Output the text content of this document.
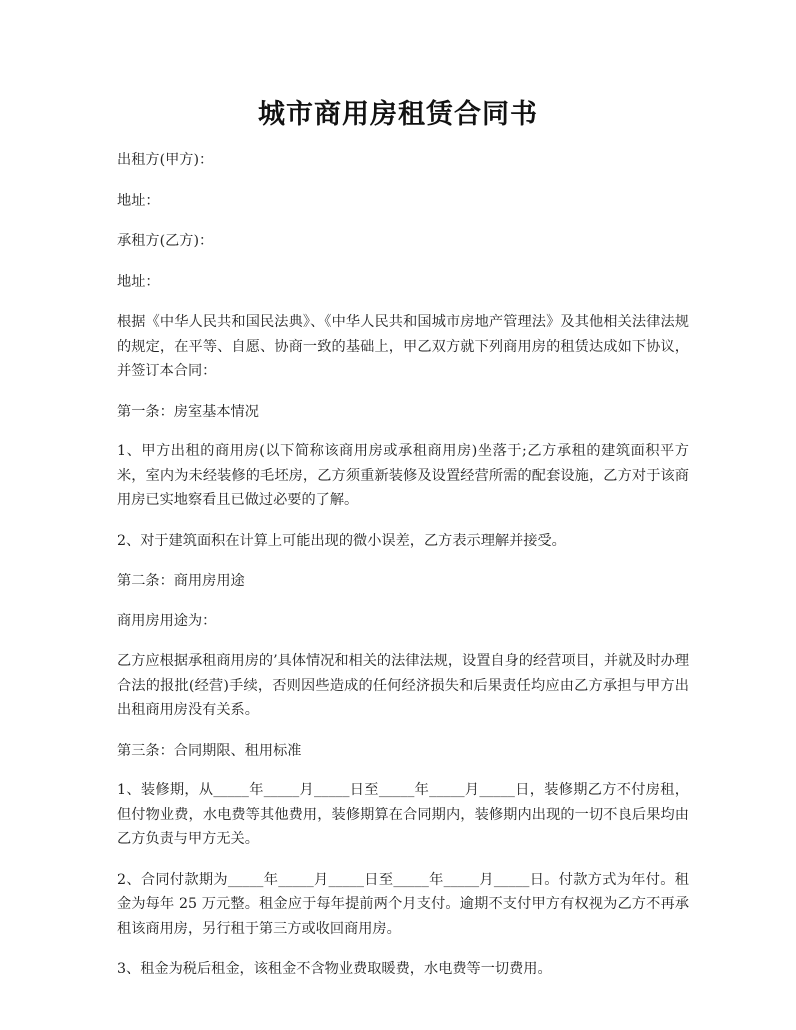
城市商用房租赁合同书

出租方(甲方)：

地址：

承租方(乙方)：

地址：

根据《中华人民共和国民法典》、《中华人民共和国城市房地产管理法》及其他相关法律法规的规定，在平等、自愿、协商一致的基础上，甲乙双方就下列商用房的租赁达成如下协议，并签订本合同：

第一条：房室基本情况

1、甲方出租的商用房(以下简称该商用房或承租商用房)坐落于;乙方承租的建筑面积平方米，室内为未经装修的毛坯房，乙方须重新装修及设置经营所需的配套设施，乙方对于该商用房已实地察看且已做过必要的了解。

2、对于建筑面积在计算上可能出现的微小误差，乙方表示理解并接受。

第二条：商用房用途

商用房用途为：

乙方应根据承租商用房的’具体情况和相关的法律法规，设置自身的经营项目，并就及时办理合法的报批(经营)手续，否则因些造成的任何经济损失和后果责任均应由乙方承担与甲方出出租商用房没有关系。

第三条：合同期限、租用标准

1、装修期，从_____年_____月_____日至_____年_____月_____日，装修期乙方不付房租，但付物业费，水电费等其他费用，装修期算在合同期内，装修期内出现的一切不良后果均由乙方负责与甲方无关。

2、合同付款期为_____年_____月_____日至_____年_____月_____日。付款方式为年付。租金为每年 25 万元整。租金应于每年提前两个月支付。逾期不支付甲方有权视为乙方不再承租该商用房，另行租于第三方或收回商用房。

3、租金为税后租金，该租金不含物业费取暖费，水电费等一切费用。
